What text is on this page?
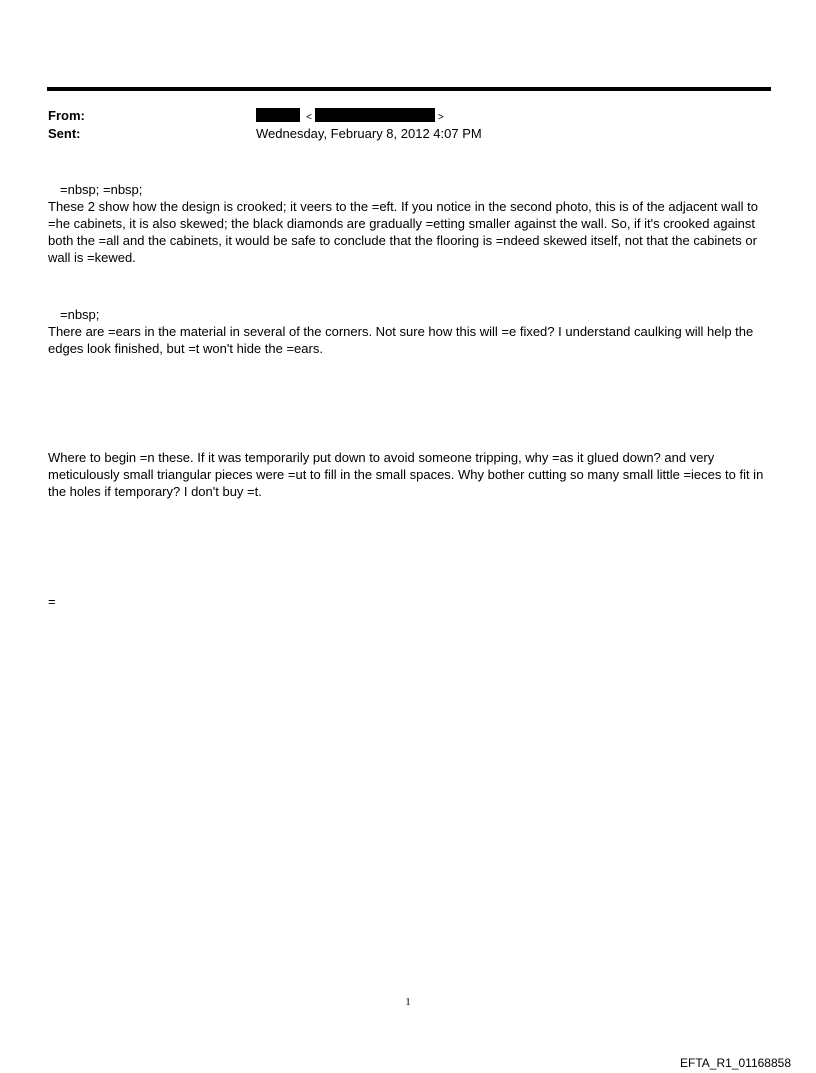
From:	<	>
Sent:	Wednesday, February 8, 2012 4:07 PM
=nbsp; =nbsp;
These 2 show how the design is crooked; it veers to the =eft. If you notice in the second photo, this is of the adjacent wall to =he cabinets, it is also skewed; the black diamonds are gradually =etting smaller against the wall. So, if it's crooked against both the =all and the cabinets, it would be safe to conclude that the flooring is =ndeed skewed itself, not that the cabinets or wall is =kewed.
=nbsp;
There are =ears in the material in several of the corners. Not sure how this will =e fixed? I understand caulking will help the edges look finished, but =t won't hide the =ears.
Where to begin =n these. If it was temporarily put down to avoid someone tripping, why =as it glued down? and very meticulously small triangular pieces were =ut to fill in the small spaces. Why bother cutting so many small little =ieces to fit in the holes if temporary? I don't buy =t.
=
1
EFTA_R1_01168858
